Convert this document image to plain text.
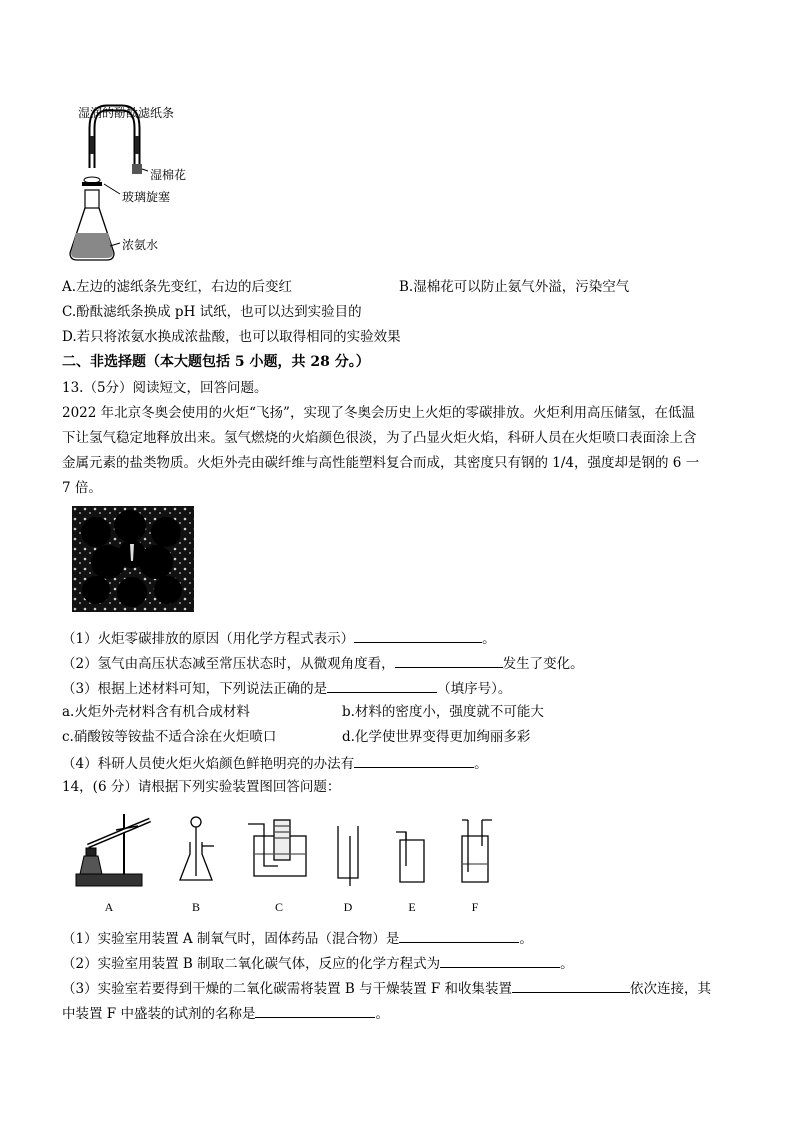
湿润的酚酞滤纸条
湿棉花
玻璃旋塞
浓氨水
A.左边的滤纸条先变红，右边的后变红	B.湿棉花可以防止氨气外溢，污染空气
C.酚酞滤纸条换成 pH 试纸，也可以达到实验目的
D.若只将浓氨水换成浓盐酸，也可以取得相同的实验效果
二、非选择题（本大题包括 5 小题，共 28 分。）
13.（5分）阅读短文，回答问题。
2022 年北京冬奥会使用的火炬“飞扬”，实现了冬奥会历史上火炬的零碳排放。火炬利用高压储氢，在低温
下让氢气稳定地释放出来。氢气燃烧的火焰颜色很淡，为了凸显火炬火焰，科研人员在火炬喷口表面涂上含
金属元素的盐类物质。火炬外壳由碳纤维与高性能塑料复合而成，其密度只有钢的 1/4，强度却是钢的 6 一
7 倍。
（1）火炬零碳排放的原因（用化学方程式表示）	。
（2）氢气由高压状态减至常压状态时，从微观角度看，	发生了变化。
（3）根据上述材料可知，下列说法正确的是	（填序号）。
a.火炬外壳材料含有机合成材料	b.材料的密度小，强度就不可能大
c.硝酸铵等铵盐不适合涂在火炬喷口	d.化学使世界变得更加绚丽多彩
（4）科研人员使火炬火焰颜色鲜艳明亮的办法有	。
14，(6 分）请根据下列实验装置图回答问题：
A	B	C	D	E	F
（1）实验室用装置 A 制氧气时，固体药品（混合物）是	。
（2）实验室用装置 B 制取二氧化碳气体，反应的化学方程式为	。
（3）实验室若要得到干燥的二氧化碳需将装置 B 与干燥装置 F 和收集装置	依次连接，其
中装置 F 中盛装的试剂的名称是	。
